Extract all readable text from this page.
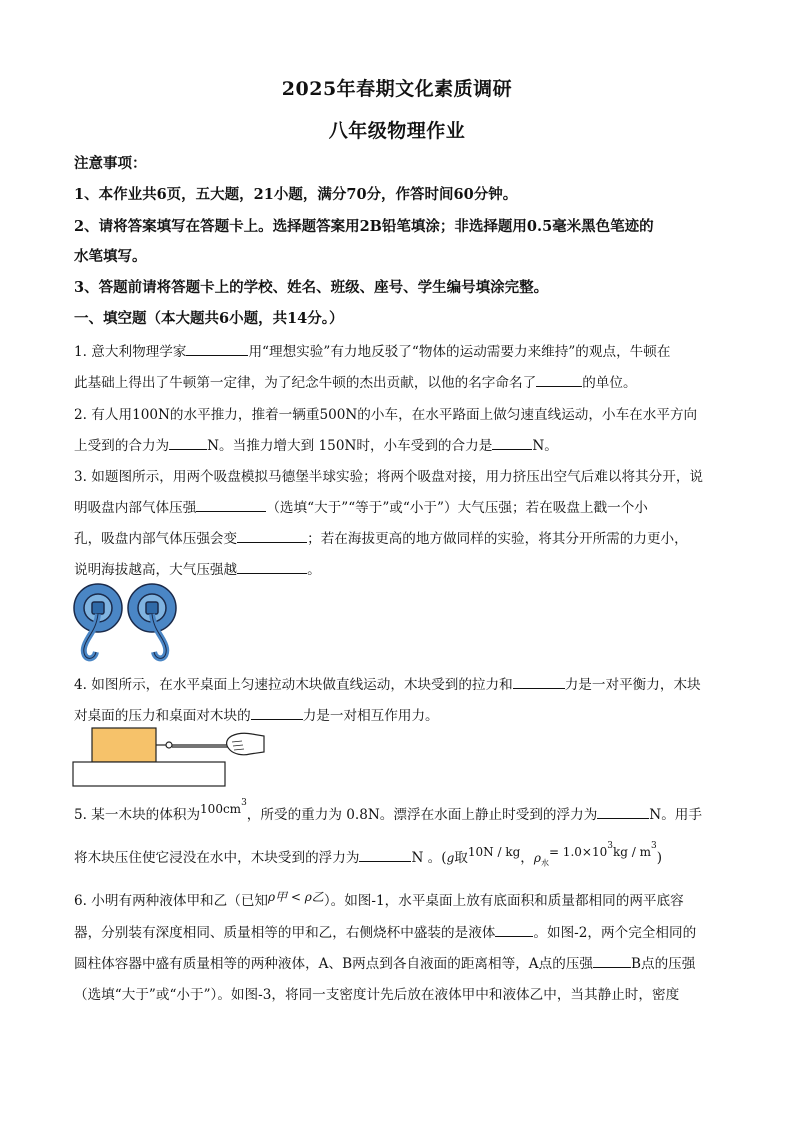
2025年春期文化素质调研
八年级物理作业
注意事项：
1、本作业共6页，五大题，21小题，满分70分，作答时间60分钟。
2、请将答案填写在答题卡上。选择题答案用2B铅笔填涂；非选择题用0.5毫米黑色笔迹的
水笔填写。
3、答题前请将答题卡上的学校、姓名、班级、座号、学生编号填涂完整。
一、填空题（本大题共6小题，共14分。）
1. 意大利物理学家	用“理想实验”有力地反驳了“物体的运动需要力来维持”的观点，牛顿在
此基础上得出了牛顿第一定律，为了纪念牛顿的杰出贡献，以他的名字命名了	的单位。
2. 有人用100N的水平推力，推着一辆重500N的小车，在水平路面上做匀速直线运动，小车在水平方向
上受到的合力为	N。当推力增大到 150N时，小车受到的合力是	N。
3. 如题图所示，用两个吸盘模拟马德堡半球实验；将两个吸盘对接，用力挤压出空气后难以将其分开，说
明吸盘内部气体压强	（选填“大于”“等于”或“小于”）大气压强；若在吸盘上戳一个小
孔，吸盘内部气体压强会变	；若在海拔更高的地方做同样的实验，将其分开所需的力更小，
说明海拔越高，大气压强越	。
4. 如图所示，在水平桌面上匀速拉动木块做直线运动，木块受到的拉力和	力是一对平衡力，木块
对桌面的压力和桌面对木块的	力是一对相互作用力。
5. 某一木块的体积为$100cm^3$，所受的重力为 0.8N。漂浮在水面上静止时受到的浮力为	N。用手
将木块压住使它浸没在水中，木块受到的浮力为	N 。(g取10N / kg，$\rho_水= 1.0\times 10^3kg / m^3$)
6. 小明有两种液体甲和乙（已知ρ甲 < ρ乙）。如图-1，水平桌面上放有底面积和质量都相同的两平底容
器，分别装有深度相同、质量相等的甲和乙，右侧烧杯中盛装的是液体	。如图-2，两个完全相同的
圆柱体容器中盛有质量相等的两种液体，A、B两点到各自液面的距离相等，A点的压强	B点的压强
（选填“大于”或“小于”）。如图-3，将同一支密度计先后放在液体甲中和液体乙中，当其静止时，密度
